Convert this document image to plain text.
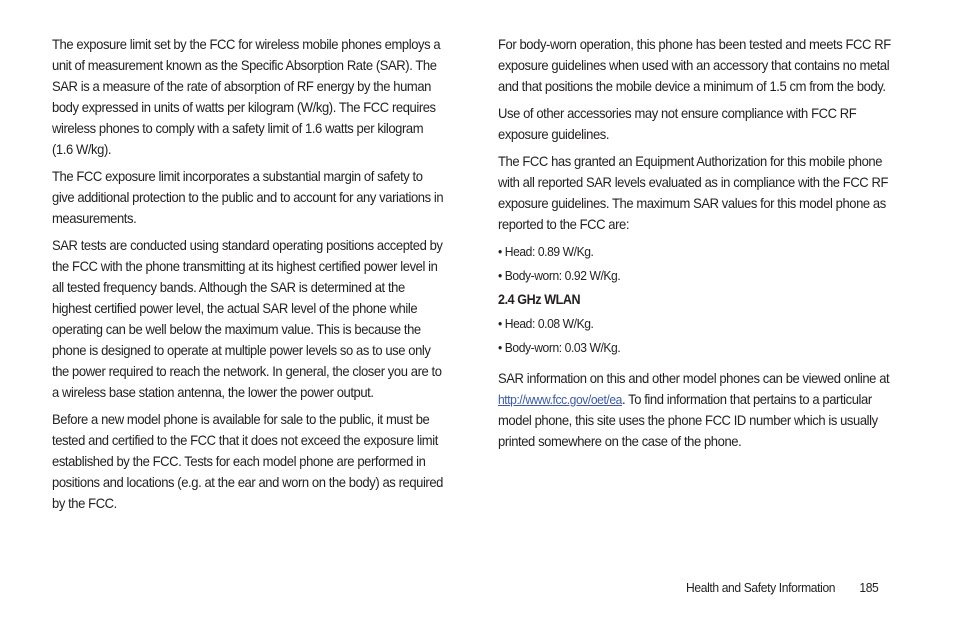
The exposure limit set by the FCC for wireless mobile phones employs a unit of measurement known as the Specific Absorption Rate (SAR). The SAR is a measure of the rate of absorption of RF energy by the human body expressed in units of watts per kilogram (W/kg). The FCC requires wireless phones to comply with a safety limit of 1.6 watts per kilogram (1.6 W/kg).

The FCC exposure limit incorporates a substantial margin of safety to give additional protection to the public and to account for any variations in measurements.

SAR tests are conducted using standard operating positions accepted by the FCC with the phone transmitting at its highest certified power level in all tested frequency bands. Although the SAR is determined at the highest certified power level, the actual SAR level of the phone while operating can be well below the maximum value. This is because the phone is designed to operate at multiple power levels so as to use only the power required to reach the network. In general, the closer you are to a wireless base station antenna, the lower the power output.

Before a new model phone is available for sale to the public, it must be tested and certified to the FCC that it does not exceed the exposure limit established by the FCC. Tests for each model phone are performed in positions and locations (e.g. at the ear and worn on the body) as required by the FCC.

For body-worn operation, this phone has been tested and meets FCC RF exposure guidelines when used with an accessory that contains no metal and that positions the mobile device a minimum of 1.5 cm from the body.

Use of other accessories may not ensure compliance with FCC RF exposure guidelines.

The FCC has granted an Equipment Authorization for this mobile phone with all reported SAR levels evaluated as in compliance with the FCC RF exposure guidelines. The maximum SAR values for this model phone as reported to the FCC are:

• Head: 0.89 W/Kg.
• Body-worn: 0.92 W/Kg.
2.4 GHz WLAN
• Head: 0.08 W/Kg.
• Body-worn: 0.03 W/Kg.

SAR information on this and other model phones can be viewed online at http://www.fcc.gov/oet/ea. To find information that pertains to a particular model phone, this site uses the phone FCC ID number which is usually printed somewhere on the case of the phone.

Health and Safety Information 185
